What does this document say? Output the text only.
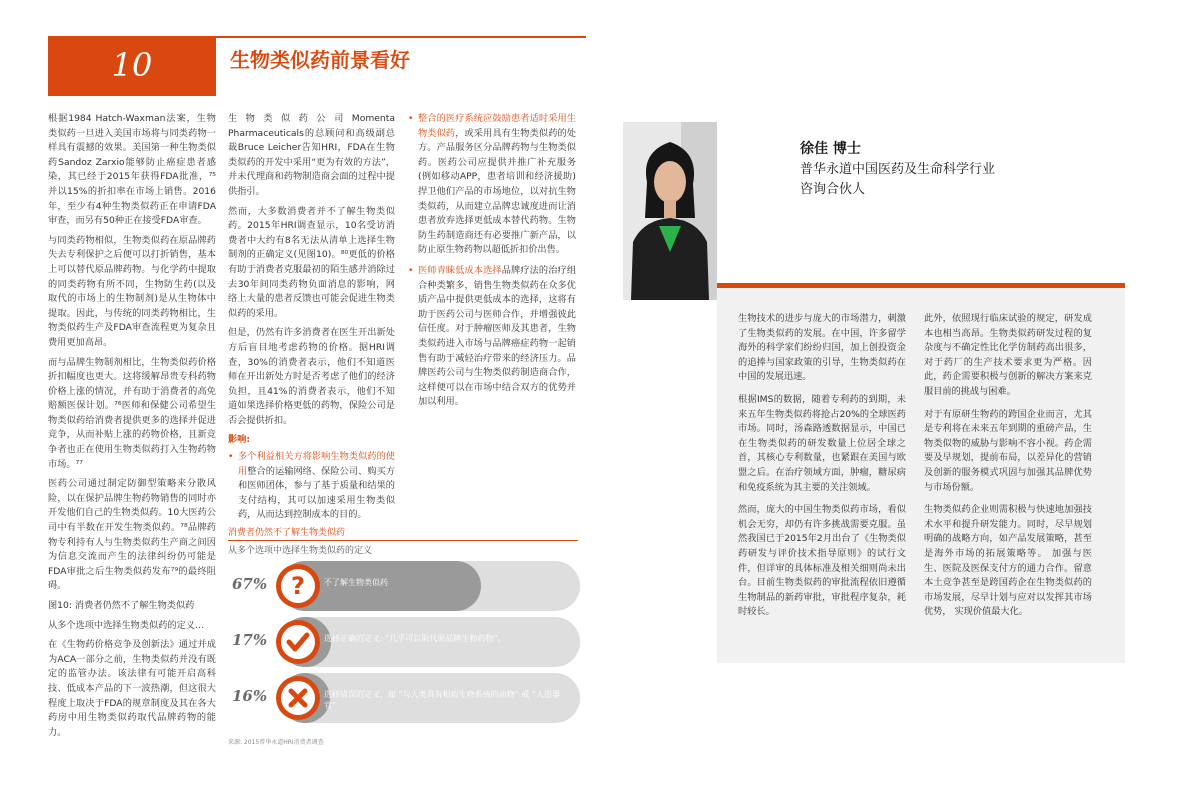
10	生物类似药前景看好

根据1984 Hatch-Waxman法案，生物类似药一旦进入美国市场将与同类药物一样具有震撼的效果。美国第一种生物类似药Sandoz Zarxio能够防止癌症患者感染，其已经于2015年获得FDA批准，⁷⁵并以15%的折扣率在市场上销售。2016年，至少有4种生物类似药正在申请FDA审查，而另有50种正在接受FDA审查。

与同类药物相似，生物类似药在原品牌药失去专利保护之后便可以打折销售，基本上可以替代原品牌药物。与化学药中提取的同类药物有所不同，生物防生药(以及取代的市场上的生物制剂)是从生物体中提取。因此，与传统的同类药物相比，生物类似药生产及FDA审查流程更为复杂且费用更加高昂。

而与品牌生物制剂相比，生物类似药价格折扣幅度也更大。这将缓解昂贵专科药物价格上涨的情况，并有助于消费者的高免赔额医保计划。⁷⁶医师和保健公司希望生物类似药给消费者提供更多的选择并促进竞争，从而补贴上涨的药物价格，且新竞争者也正在使用生物类似药打入生物药物市场。⁷⁷

医药公司通过制定防御型策略来分散风险，以在保护品牌生物药物销售的同时亦开发他们自己的生物类似药。10大医药公司中有半数在开发生物类似药。⁷⁸品牌药物专利持有人与生物类似药生产商之间因为信息交流而产生的法律纠纷仍可能是FDA审批之后生物类似药发布⁷⁹的最终阻碍。

图10: 消费者仍然不了解生物类似药

从多个选项中选择生物类似药的定义…

在《生物药价格竞争及创新法》通过并成为ACA一部分之前，生物类似药并没有既定的监管办法。该法律有可能开启高科技、低成本产品的下一波热潮，但这很大程度上取决于FDA的规章制度及其在各大 药房中用生物类似药取代品牌药物的能力。

生物类似药公司Momenta Pharmaceuticals的总顾问和高级副总裁Bruce Leicher告知HRI，FDA在生物类似药的开发中采用“更为有效的方法”，并未代理商和药物制造商会面的过程中提供指引。

然而，大多数消费者并不了解生物类似药。2015年HRI调查显示，10名受访消费者中大约有8名无法从清单上选择生物制剂的正确定义(见图10)。⁸⁰更低的价格有助于消费者克服最初的陌生感并消除过去30年间同类药物负面消息的影响，网络上大量的患者反馈也可能会促进生物类似药的采用。

但是，仍然有许多消费者在医生开出新处方后盲目地考虑药物的价格。据HRI调查，30%的消费者表示，他们不知道医师在开出新处方时是否考虑了他们的经济负担，且41%的消费者表示，他们不知道如果选择价格更低的药物，保险公司是否会提供折扣。

影响:

• 多个利益相关方将影响生物类似药的使用整合的运输网络、保险公司、购买方和医师团体，参与了基于质量和结果的支付结构，其可以加速采用生物类似药，从而达到控制成本的目的。
• 整合的医疗系统应鼓励患者适时采用生物类似药，或采用具有生物类似药的处方。产品服务区分品牌药物与生物类似药。医药公司应提供并推广补充服务(例如移动APP，患者培训和经济援助)捍卫他们产品的市场地位，以对抗生物类似药，从而建立品牌忠诚度进而让消患者放弃选择更低成本替代药物。生物防生药制造商还有必要推广新产品，以防止原生物药物以超低折扣价出售。
• 医师青睐低成本选择品牌疗法的治疗组合种类繁多，销售生物类似药在众多优质产品中提供更低成本的选择，这将有助于医药公司与医师合作，并增强彼此信任度。对于肿瘤医师及其患者，生物类似药进入市场与品牌癌症药物一起销售有助于减轻治疗带来的经济压力。品牌医药公司与生物类似药制造商合作，这样便可以在市场中结合双方的优势并加以利用。
消费者仍然不了解生物类似药
从多个选项中选择生物类似药的定义
67% ? 不了解生物类似药
17%	选择正确的定义: “几乎可以取代原品牌生物药物”。
16%	选择错误的定义，如 “与人类具有相似生物系统的动物” 或 “人造器官”
来源: 2015普华永道HRI消费者调查
徐佳 博士
普华永道中国医药及生命科学行业
咨询合伙人

生物技术的进步与庞大的市场潜力，刺激了生物类似药的发展。在中国，许多留学海外的科学家们纷纷归国，加上创投资金的追捧与国家政策的引导，生物类似药在中国的发展迅速。

根据IMS的数据，随着专利药的到期，未来五年生物类似药将抢占20%的全球医药市场。同时，汤森路透数据显示，中国已在生物类似药的研发数量上位居全球之首，其核心专利数量，也紧跟在美国与欧盟之后。在治疗领域方面，肿瘤，糖尿病和免疫系统为其主要的关注领域。

然而，庞大的中国生物类似药市场，看似机会无穷，却仍有许多挑战需要克服。虽然我国已于2015年2月出台了《生物类似药研发与评价技术指导原则》的试行文件，但详审的具体标准及相关细则尚未出台。目前生物类似药的审批流程依旧遵循生物制品的新药审批，审批程序复杂，耗时较长。

此外，依照现行临床试验的规定，研发成本也相当高昂。生物类似药研发过程的复杂度与不确定性比化学仿制药高出很多，对于药厂的生产技术要求更为严格。因此，药企需要积极与创新的解决方案来克服目前的挑战与困难。

对于有原研生物药的跨国企业而言，尤其是专利将在未来五年到期的重磅产品，生物类似物的威胁与影响不容小视。药企需要及早规划，提前布局，以差异化的营销及创新的服务模式巩固与加强其品牌优势与市场份额。

生物类似药企业则需积极与快速地加强技术水平和提升研发能力。同时，尽早规划明确的战略方向，如产品发展策略，甚至是海外市场的拓展策略等。 加强与医生、医院及医保支付方的通力合作。留意本土竞争甚至是跨国药企在生物类似药的市场发展，尽早计划与应对以发挥其市场优势， 实现价值最大化。
